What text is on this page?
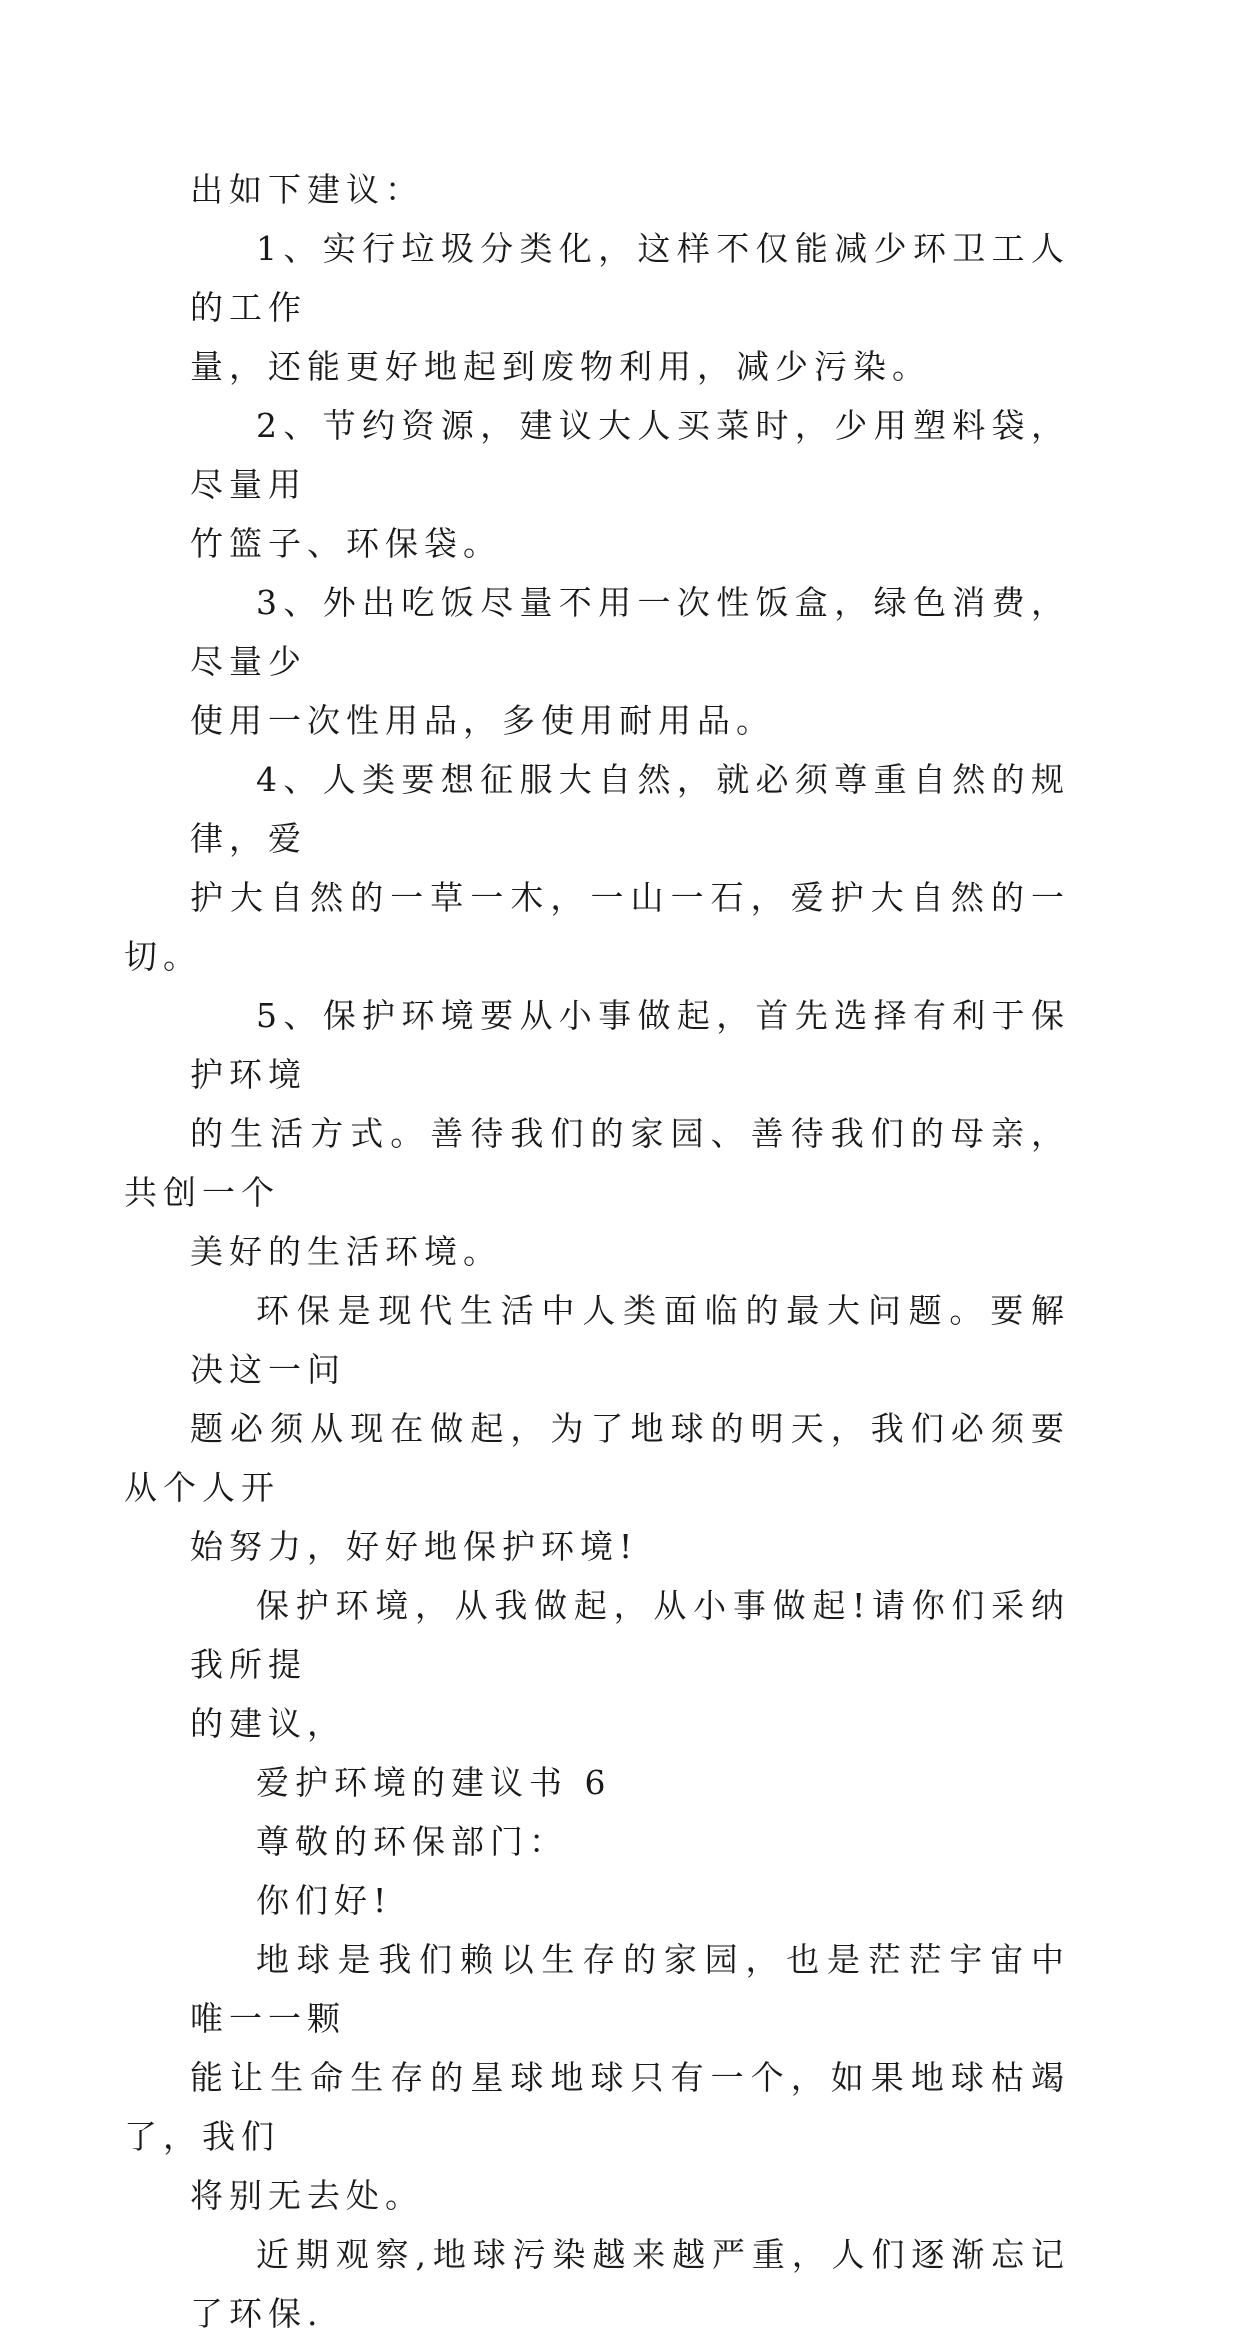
出如下建议：

1、实行垃圾分类化，这样不仅能减少环卫工人的工作
量，还能更好地起到废物利用，减少污染。

2、节约资源，建议大人买菜时，少用塑料袋，尽量用
竹篮子、环保袋。

3、外出吃饭尽量不用一次性饭盒，绿色消费，尽量少
使用一次性用品，多使用耐用品。

4、人类要想征服大自然，就必须尊重自然的规律，爱
护大自然的一草一木，一山一石，爱护大自然的一切。

5、保护环境要从小事做起，首先选择有利于保护环境
的生活方式。善待我们的家园、善待我们的母亲，共创一个
美好的生活环境。

环保是现代生活中人类面临的最大问题。要解决这一问
题必须从现在做起，为了地球的明天，我们必须要从个人开
始努力，好好地保护环境!

保护环境，从我做起，从小事做起!请你们采纳我所提
的建议，

爱护环境的建议书 6

尊敬的环保部门：

你们好!

地球是我们赖以生存的家园，也是茫茫宇宙中唯一一颗
能让生命生存的星球地球只有一个，如果地球枯竭了，我们
将别无去处。

近期观察,地球污染越来越严重，人们逐渐忘记了环保.
